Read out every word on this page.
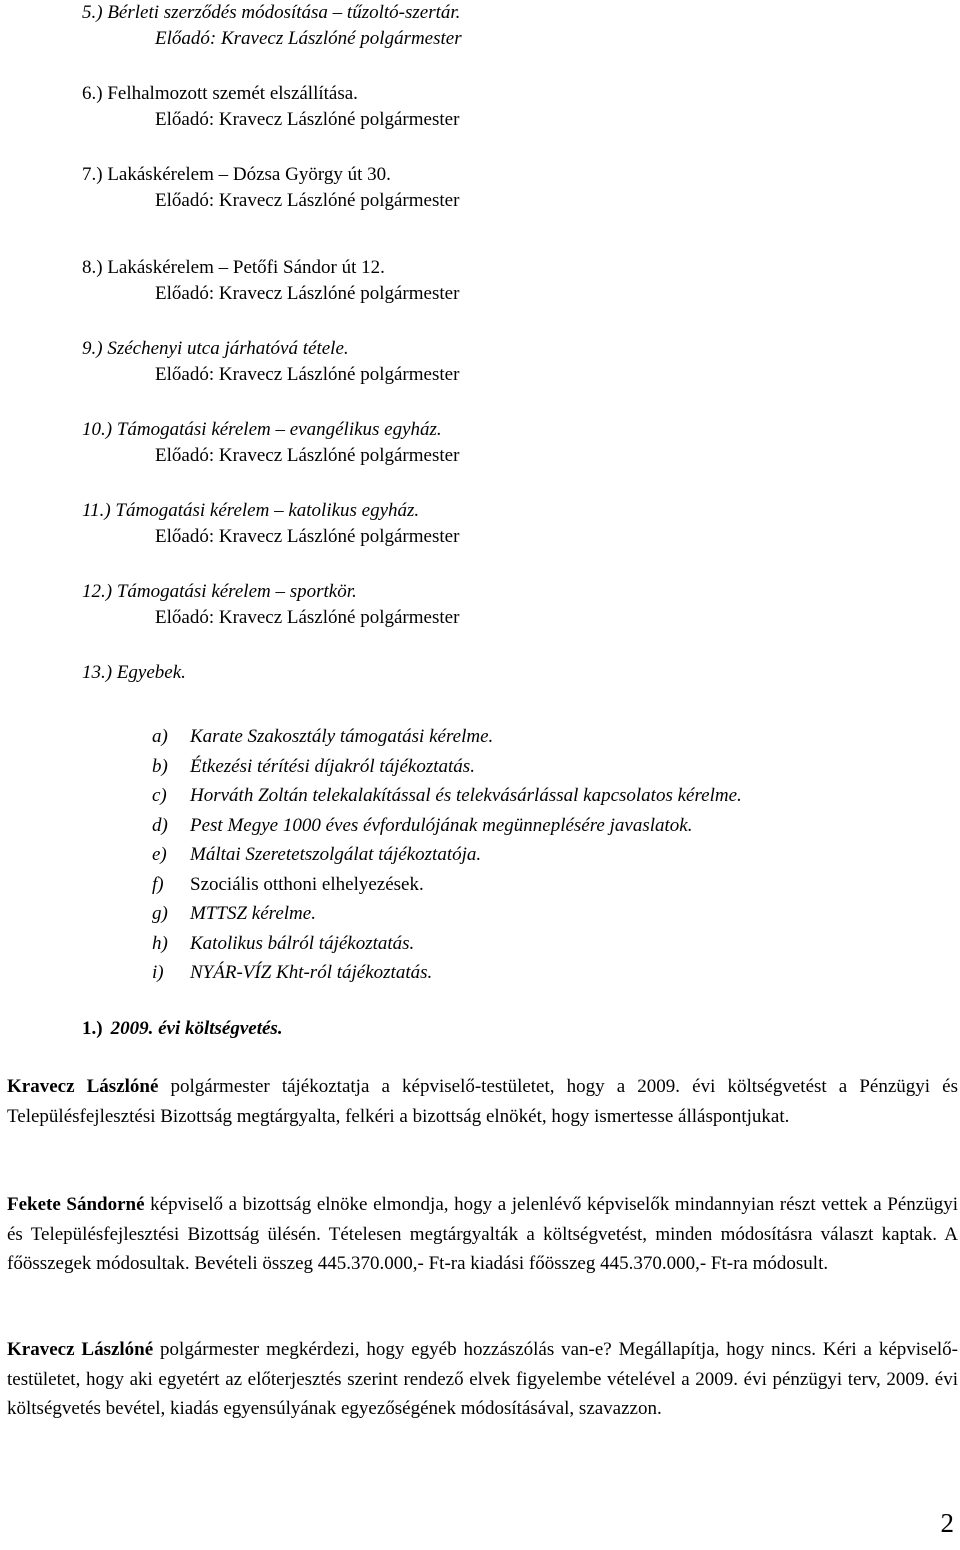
5.) Bérleti szerződés módosítása – tűzoltó-szertár.
Előadó: Kravecz Lászlóné polgármester
6.) Felhalmozott szemét elszállítása.
Előadó: Kravecz Lászlóné polgármester
7.) Lakáskérelem – Dózsa György út 30.
Előadó: Kravecz Lászlóné polgármester
8.) Lakáskérelem – Petőfi Sándor út 12.
Előadó: Kravecz Lászlóné polgármester
9.) Széchenyi utca járhatóvá tétele.
Előadó: Kravecz Lászlóné polgármester
10.) Támogatási kérelem – evangélikus egyház.
Előadó: Kravecz Lászlóné polgármester
11.) Támogatási kérelem – katolikus egyház.
Előadó: Kravecz Lászlóné polgármester
12.) Támogatási kérelem – sportkör.
Előadó: Kravecz Lászlóné polgármester
13.) Egyebek.
a)	Karate Szakosztály támogatási kérelme.
b)	Étkezési térítési díjakról tájékoztatás.
c)	Horváth Zoltán telekalakítással és telekvásárlással kapcsolatos kérelme.
d)	Pest Megye 1000 éves évfordulójának megünneplésére javaslatok.
e)	Máltai Szeretetszolgálat tájékoztatója.
f)	Szociális otthoni elhelyezések.
g)	MTTSZ kérelme.
h)	Katolikus bálról tájékoztatás.
i)	NYÁR-VÍZ Kht-ról tájékoztatás.
1.) 2009. évi költségvetés.

Kravecz Lászlóné polgármester tájékoztatja a képviselő-testületet, hogy a 2009. évi költségvetést a Pénzügyi és Településfejlesztési Bizottság megtárgyalta, felkéri a bizottság elnökét, hogy ismertesse álláspontjukat.

Fekete Sándorné képviselő a bizottság elnöke elmondja, hogy a jelenlévő képviselők mindannyian részt vettek a Pénzügyi és Településfejlesztési Bizottság ülésén. Tételesen megtárgyalták a költségvetést, minden módosításra választ kaptak. A főösszegek módosultak. Bevételi összeg 445.370.000,- Ft-ra kiadási főösszeg 445.370.000,- Ft-ra módosult.

Kravecz Lászlóné polgármester megkérdezi, hogy egyéb hozzászólás van-e? Megállapítja, hogy nincs. Kéri a képviselő-testületet, hogy aki egyetért az előterjesztés szerint rendező elvek figyelembe vételével a 2009. évi pénzügyi terv, 2009. évi költségvetés bevétel, kiadás egyensúlyának egyezőségének módosításával, szavazzon.

2
